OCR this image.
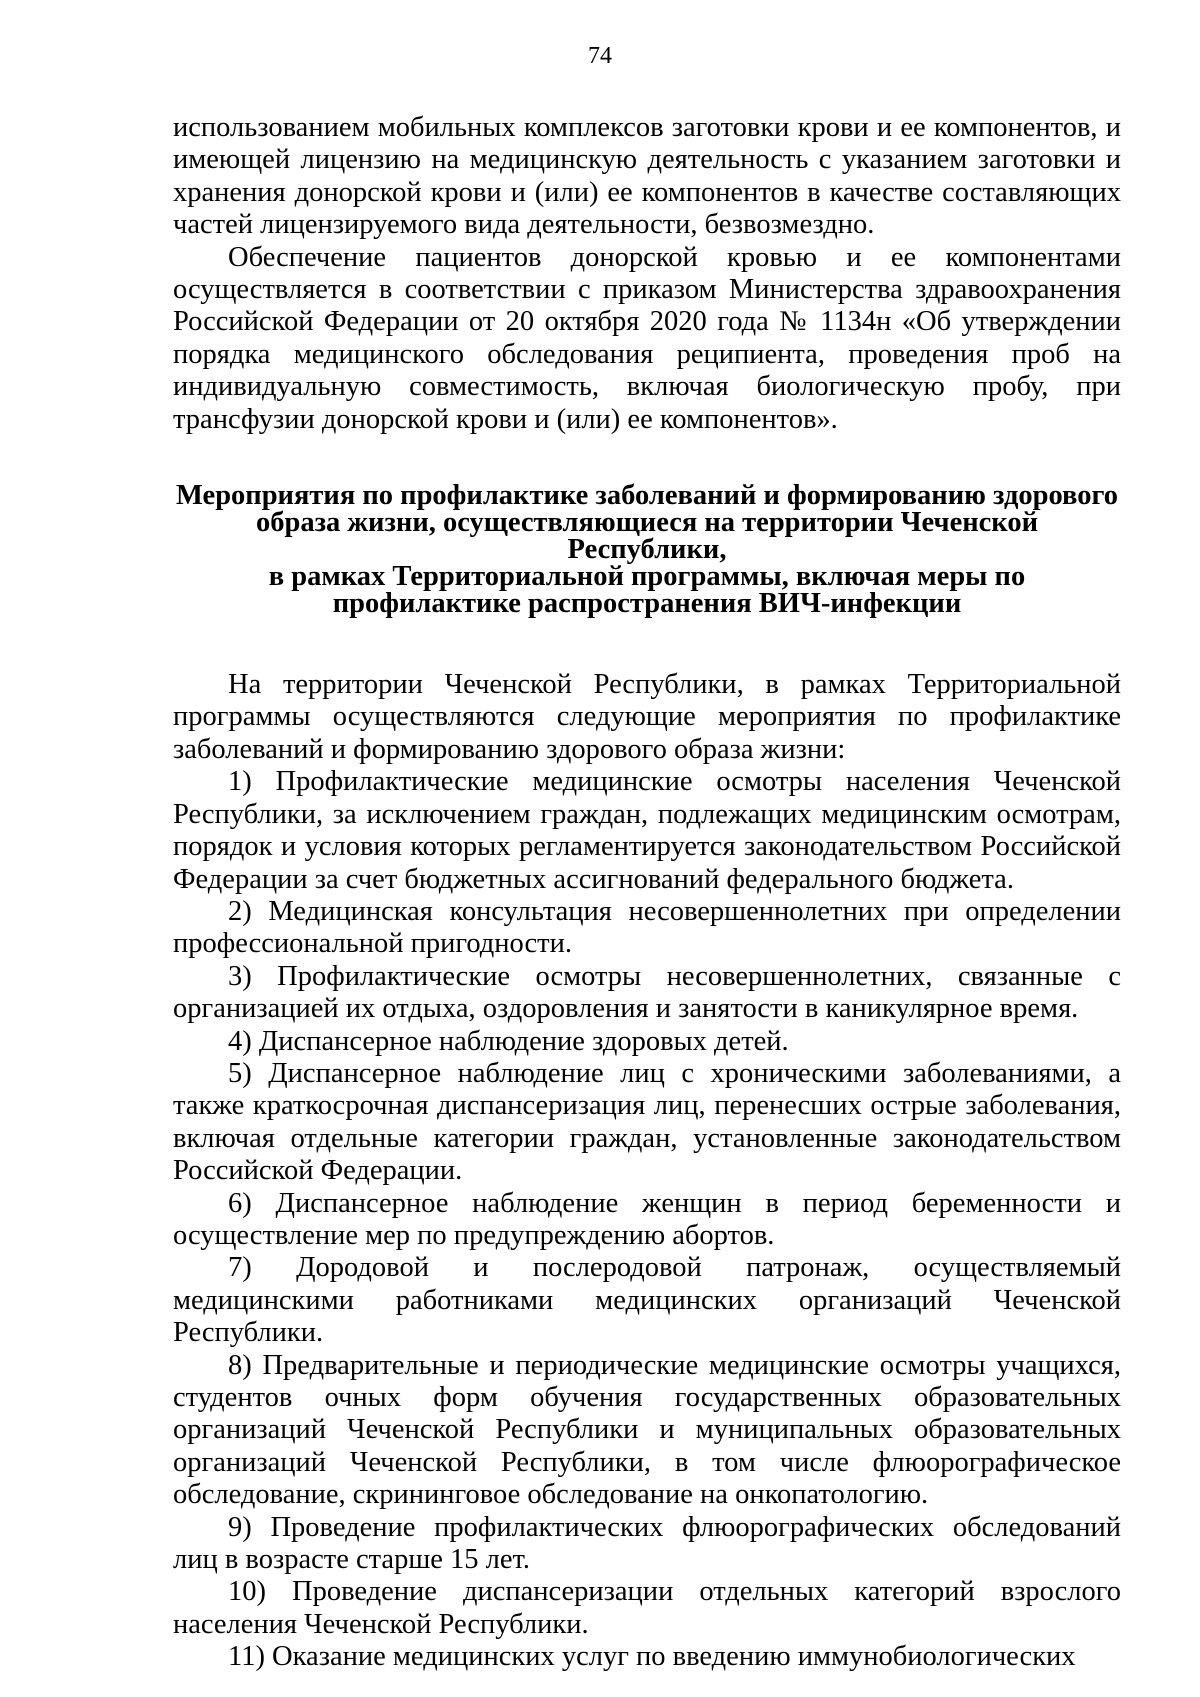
74

использованием мобильных комплексов заготовки крови и ее компонентов, и имеющей лицензию на медицинскую деятельность с указанием заготовки и хранения донорской крови и (или) ее компонентов в качестве составляющих частей лицензируемого вида деятельности, безвозмездно.

Обеспечение пациентов донорской кровью и ее компонентами осуществляется в соответствии с приказом Министерства здравоохранения Российской Федерации от 20 октября 2020 года № 1134н «Об утверждении порядка медицинского обследования реципиента, проведения проб на индивидуальную совместимость, включая биологическую пробу, при трансфузии донорской крови и (или) ее компонентов».

Мероприятия по профилактике заболеваний и формированию здорового
образа жизни, осуществляющиеся на территории Чеченской Республики,
в рамках Территориальной программы, включая меры по
профилактике распространения ВИЧ-инфекции

На территории Чеченской Республики, в рамках Территориальной программы осуществляются следующие мероприятия по профилактике заболеваний и формированию здорового образа жизни:

1) Профилактические медицинские осмотры населения Чеченской Республики, за исключением граждан, подлежащих медицинским осмотрам, порядок и условия которых регламентируется законодательством Российской Федерации за счет бюджетных ассигнований федерального бюджета.

2) Медицинская консультация несовершеннолетних при определении профессиональной пригодности.

3) Профилактические осмотры несовершеннолетних, связанные с организацией их отдыха, оздоровления и занятости в каникулярное время.

4) Диспансерное наблюдение здоровых детей.

5) Диспансерное наблюдение лиц с хроническими заболеваниями, а также краткосрочная диспансеризация лиц, перенесших острые заболевания, включая отдельные категории граждан, установленные законодательством Российской Федерации.

6) Диспансерное наблюдение женщин в период беременности и осуществление мер по предупреждению абортов.

7) Дородовой и послеродовой патронаж, осуществляемый медицинскими работниками медицинских организаций Чеченской Республики.

8) Предварительные и периодические медицинские осмотры учащихся, студентов очных форм обучения государственных образовательных организаций Чеченской Республики и муниципальных образовательных организаций Чеченской Республики, в том числе флюорографическое обследование, скрининговое обследование на онкопатологию.

9) Проведение профилактических флюорографических обследований лиц в возрасте старше 15 лет.

10) Проведение диспансеризации отдельных категорий взрослого населения Чеченской Республики.

11) Оказание медицинских услуг по введению иммунобиологических
